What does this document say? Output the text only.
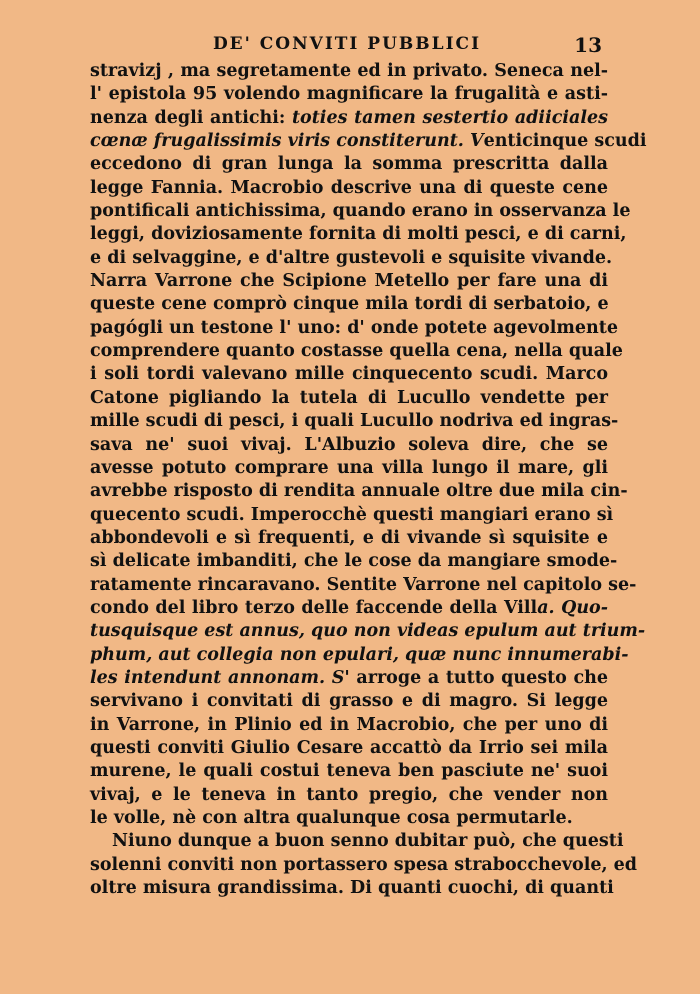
DE' CONVITI PUBBLICI	13
stravizj , ma segretamente ed in privato. Seneca nel-
l' epistola 95 volendo magnificare la frugalità e asti-
nenza degli antichi: toties tamen sestertio adiiciales
cœnæ frugalissimis viris constiterunt. Venticinque scudi
eccedono di gran lunga la somma prescritta dalla
legge Fannia. Macrobio descrive una di queste cene
pontificali antichissima, quando erano in osservanza le
leggi, doviziosamente fornita di molti pesci, e di carni,
e di selvaggine, e d'altre gustevoli e squisite vivande.
Narra Varrone che Scipione Metello per fare una di
queste cene comprò cinque mila tordi di serbatoio, e
pagógli un testone l' uno: d' onde potete agevolmente
comprendere quanto costasse quella cena, nella quale
i soli tordi valevano mille cinquecento scudi. Marco
Catone pigliando la tutela di Lucullo vendette per
mille scudi di pesci, i quali Lucullo nodriva ed ingras-
sava ne' suoi vivaj. L'Albuzio soleva dire, che se
avesse potuto comprare una villa lungo il mare, gli
avrebbe risposto di rendita annuale oltre due mila cin-
quecento scudi. Imperocchè questi mangiari erano sì
abbondevoli e sì frequenti, e di vivande sì squisite e
sì delicate imbanditi, che le cose da mangiare smode-
ratamente rincaravano. Sentite Varrone nel capitolo se-
condo del libro terzo delle faccende della Villa. Quo-
tusquisque est annus, quo non videas epulum aut trium-
phum, aut collegia non epulari, quæ nunc innumerabi-
les intendunt annonam. S' arroge a tutto questo che
servivano i convitati di grasso e di magro. Si legge
in Varrone, in Plinio ed in Macrobio, che per uno di
questi conviti Giulio Cesare accattò da Irrio sei mila
murene, le quali costui teneva ben pasciute ne' suoi
vivaj, e le teneva in tanto pregio, che vender non
le volle, nè con altra qualunque cosa permutarle.
Niuno dunque a buon senno dubitar può, che questi
solenni conviti non portassero spesa strabocchevole, ed
oltre misura grandissima. Di quanti cuochi, di quanti
